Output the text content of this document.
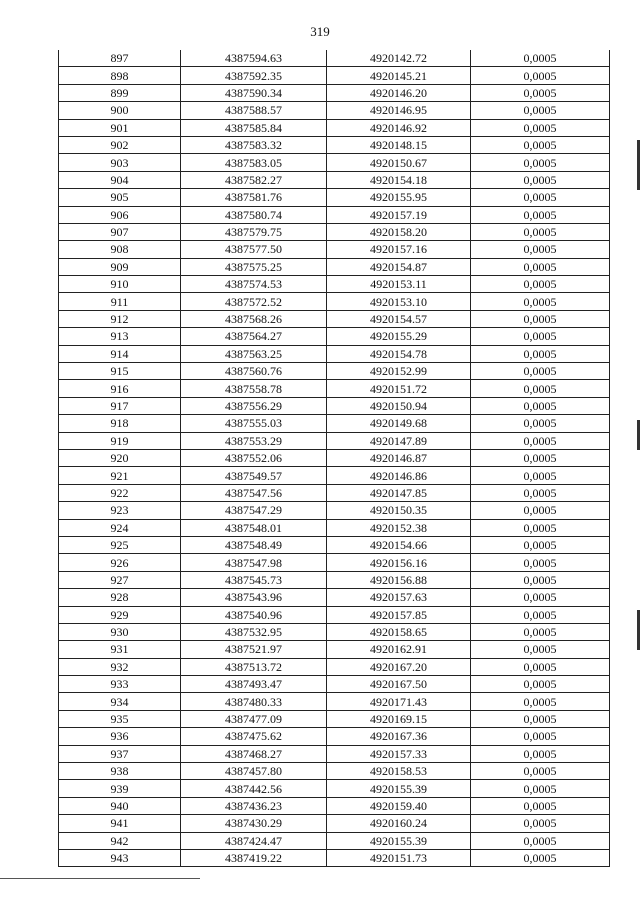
319
897	4387594.63	4920142.72	0,0005
898	4387592.35	4920145.21	0,0005
899	4387590.34	4920146.20	0,0005
900	4387588.57	4920146.95	0,0005
901	4387585.84	4920146.92	0,0005
902	4387583.32	4920148.15	0,0005
903	4387583.05	4920150.67	0,0005
904	4387582.27	4920154.18	0,0005
905	4387581.76	4920155.95	0,0005
906	4387580.74	4920157.19	0,0005
907	4387579.75	4920158.20	0,0005
908	4387577.50	4920157.16	0,0005
909	4387575.25	4920154.87	0,0005
910	4387574.53	4920153.11	0,0005
911	4387572.52	4920153.10	0,0005
912	4387568.26	4920154.57	0,0005
913	4387564.27	4920155.29	0,0005
914	4387563.25	4920154.78	0,0005
915	4387560.76	4920152.99	0,0005
916	4387558.78	4920151.72	0,0005
917	4387556.29	4920150.94	0,0005
918	4387555.03	4920149.68	0,0005
919	4387553.29	4920147.89	0,0005
920	4387552.06	4920146.87	0,0005
921	4387549.57	4920146.86	0,0005
922	4387547.56	4920147.85	0,0005
923	4387547.29	4920150.35	0,0005
924	4387548.01	4920152.38	0,0005
925	4387548.49	4920154.66	0,0005
926	4387547.98	4920156.16	0,0005
927	4387545.73	4920156.88	0,0005
928	4387543.96	4920157.63	0,0005
929	4387540.96	4920157.85	0,0005
930	4387532.95	4920158.65	0,0005
931	4387521.97	4920162.91	0,0005
932	4387513.72	4920167.20	0,0005
933	4387493.47	4920167.50	0,0005
934	4387480.33	4920171.43	0,0005
935	4387477.09	4920169.15	0,0005
936	4387475.62	4920167.36	0,0005
937	4387468.27	4920157.33	0,0005
938	4387457.80	4920158.53	0,0005
939	4387442.56	4920155.39	0,0005
940	4387436.23	4920159.40	0,0005
941	4387430.29	4920160.24	0,0005
942	4387424.47	4920155.39	0,0005
943	4387419.22	4920151.73	0,0005
